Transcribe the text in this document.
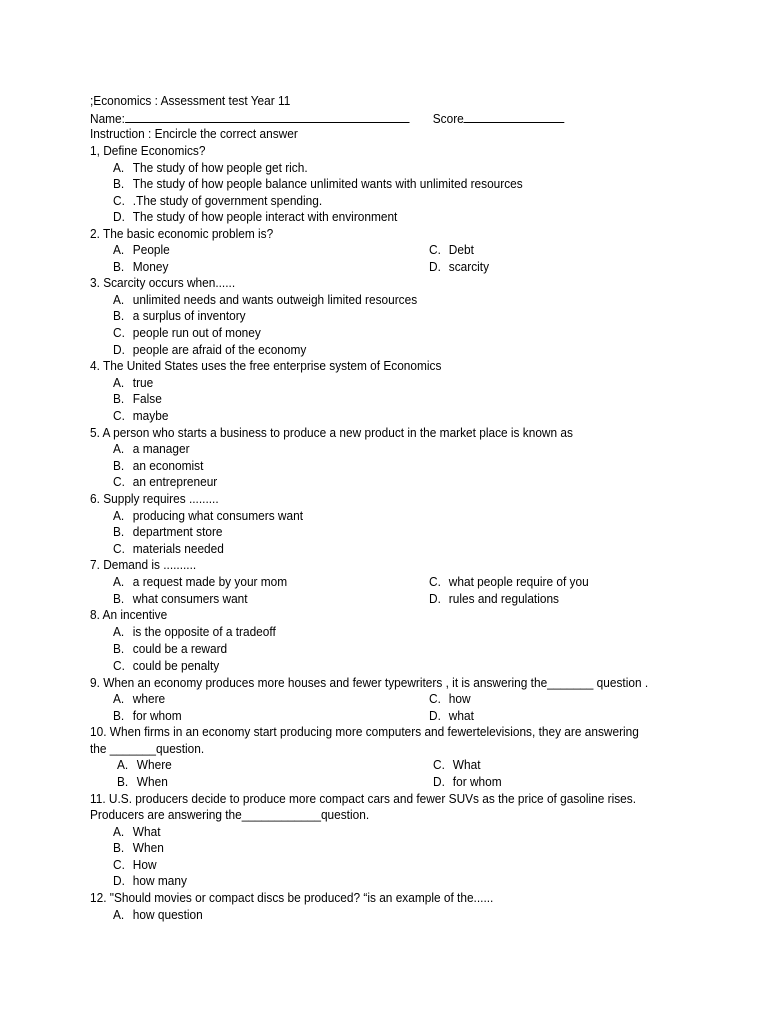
;Economics : Assessment test Year 11
Name:	Score
Instruction : Encircle the correct answer
1, Define Economics?
A. The study of how people get rich.
B. The study of how people balance unlimited wants with unlimited resources
C. .The study of government spending.
D. The study of how people interact with environment
2. The basic economic problem is?
A. People	C. Debt
B. Money	D. scarcity
3. Scarcity occurs when......
A. unlimited needs and wants outweigh limited resources
B. a surplus of inventory
C. people run out of money
D. people are afraid of the economy
4. The United States uses the free enterprise system of Economics
A. true
B. False
C. maybe
5. A person who starts a business to produce a new product in the market place is known as
A. a manager
B. an economist
C. an entrepreneur
6. Supply requires .........
A. producing what consumers want
B. department store
C. materials needed
7. Demand is ..........
A. a request made by your mom	C. what people require of you
B. what consumers want	D. rules and regulations
8. An incentive
A. is the opposite of a tradeoff
B. could be a reward
C. could be penalty
9. When an economy produces more houses and fewer typewriters , it is answering the_______ question .
A. where	C. how
B. for whom	D. what
10. When firms in an economy start producing more computers and fewertelevisions, they are answering
the _______question.
A. Where	C. What
B. When	D. for whom
11. U.S. producers decide to produce more compact cars and fewer SUVs as the price of gasoline rises.
Producers are answering the____________question.
A. What
B. When
C. How
D. how many
12. "Should movies or compact discs be produced? “is an example of the......
A. how question
